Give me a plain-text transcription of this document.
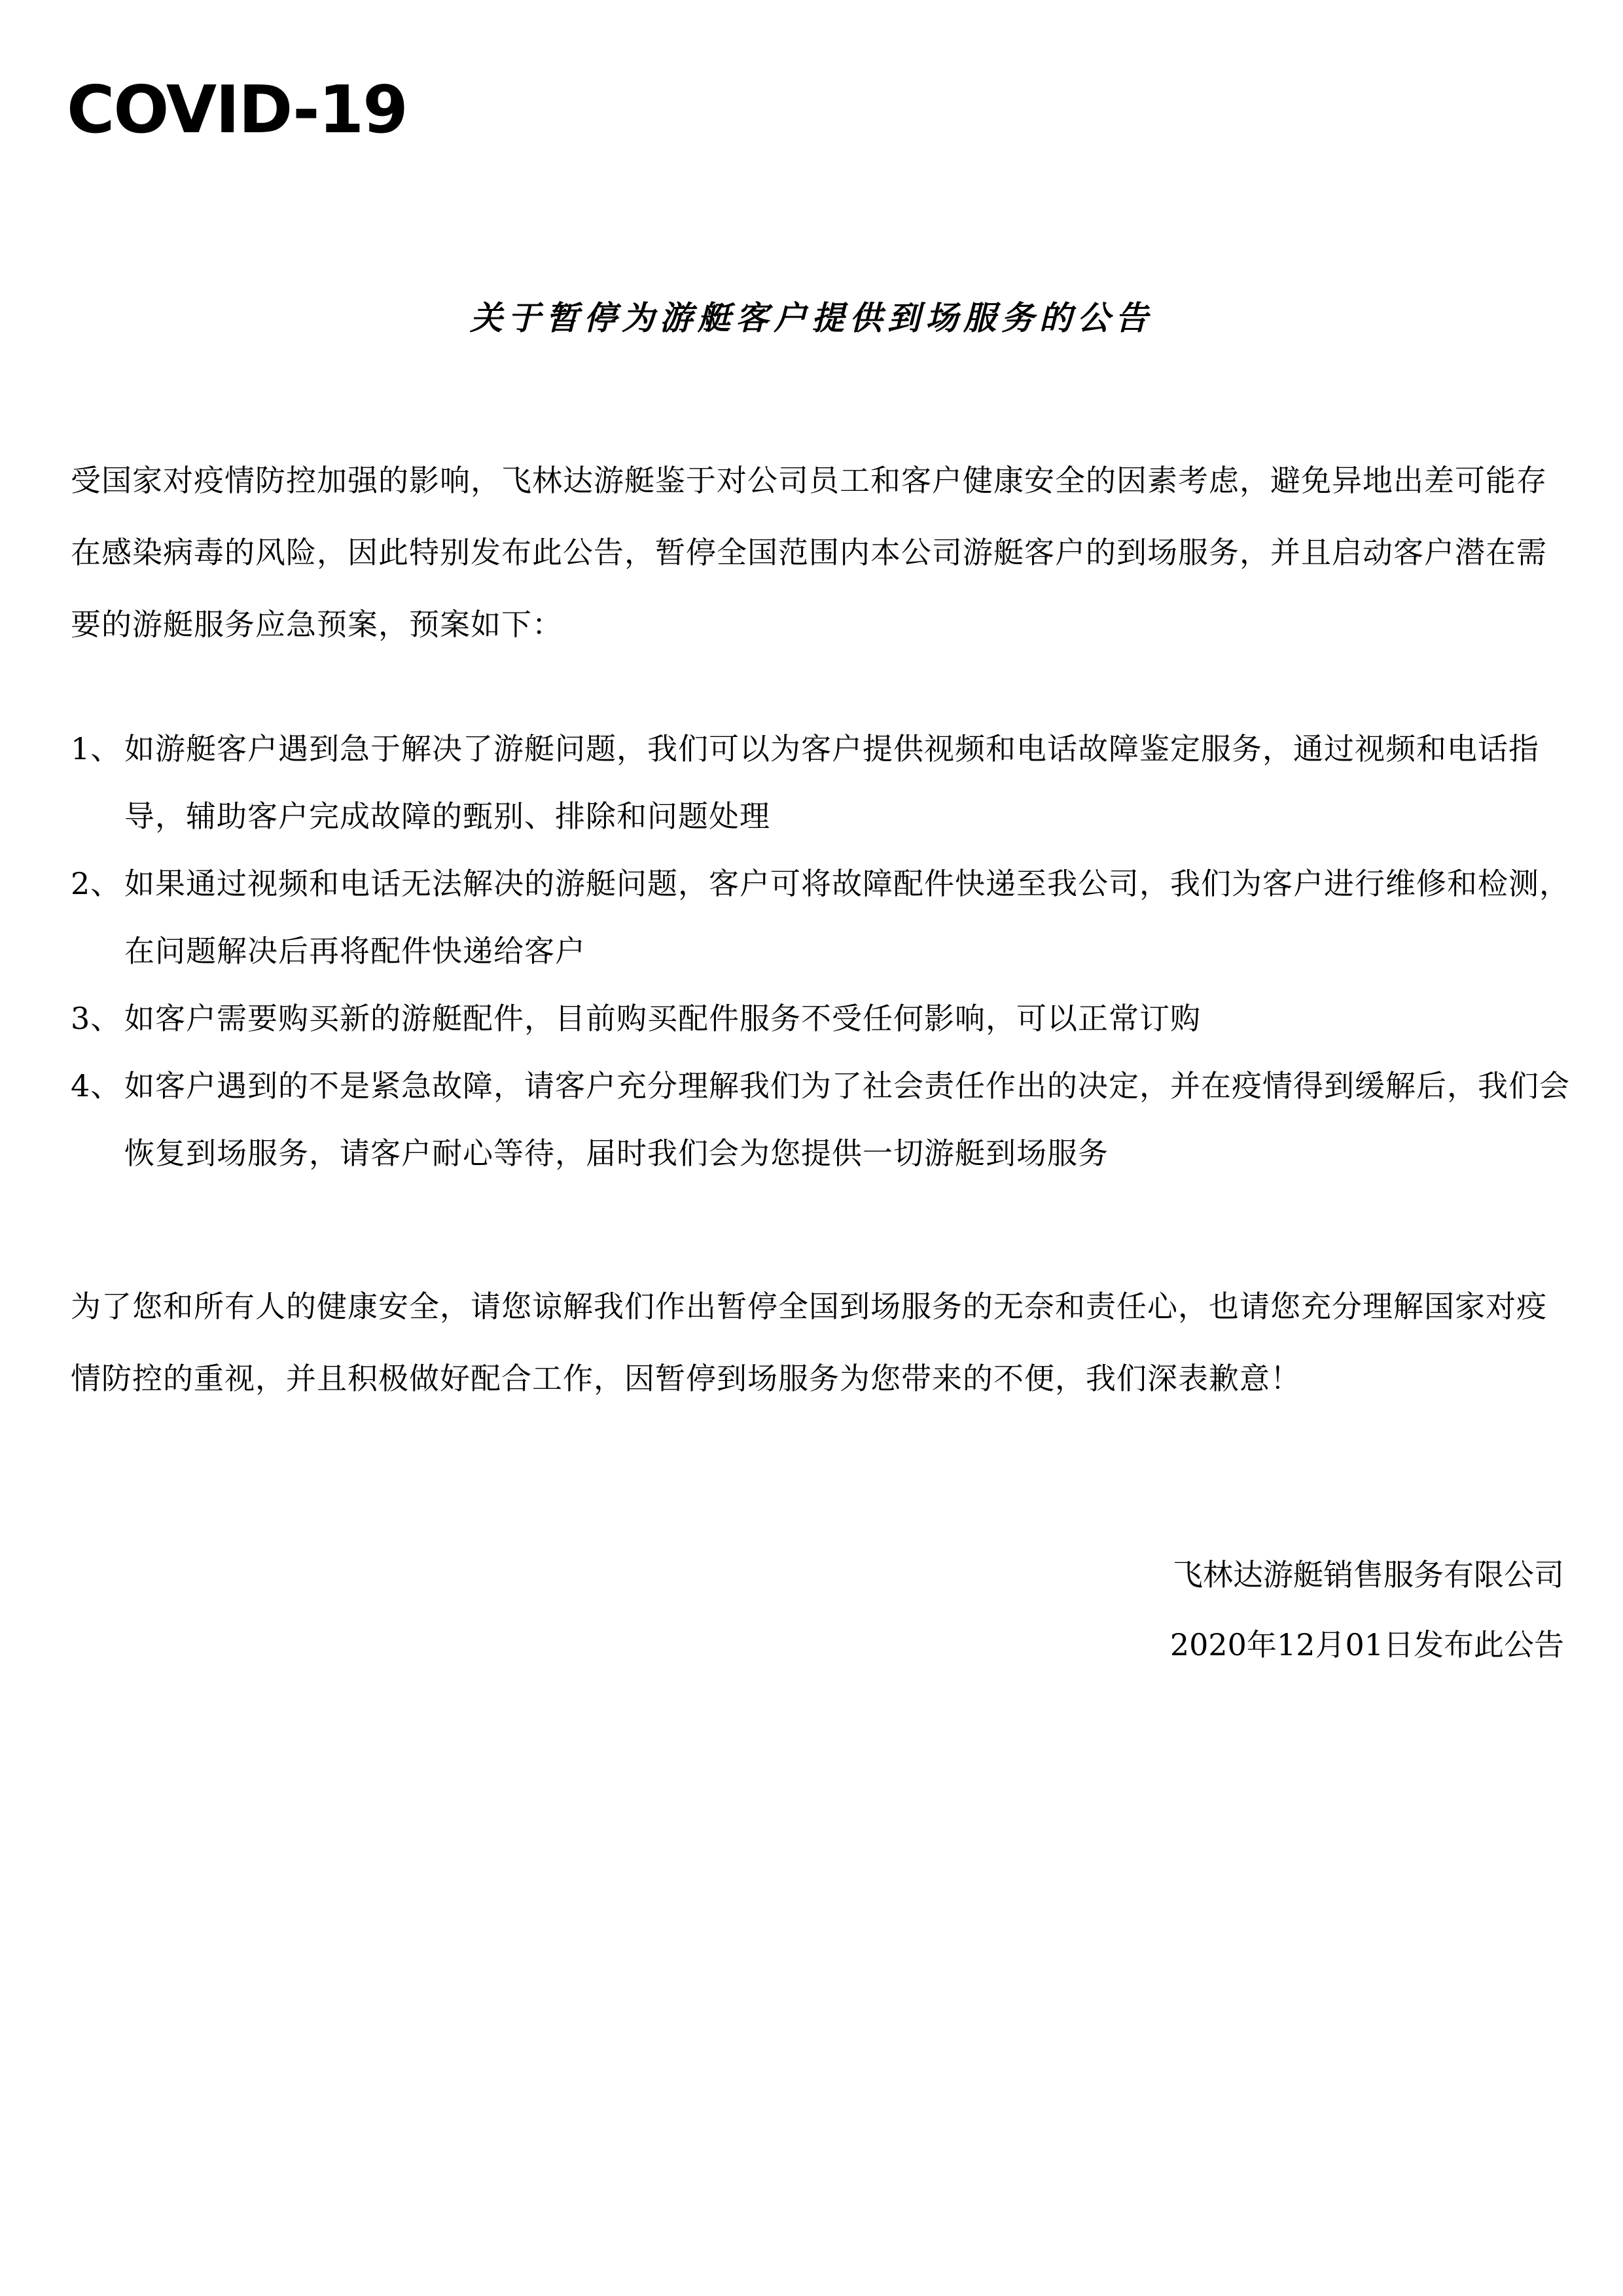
COVID-19
关于暂停为游艇客户提供到场服务的公告
受国家对疫情防控加强的影响，飞林达游艇鉴于对公司员工和客户健康安全的因素考虑，避免异地出差可能存在感染病毒的风险，因此特别发布此公告，暂停全国范围内本公司游艇客户的到场服务，并且启动客户潜在需要的游艇服务应急预案，预案如下：
1、 如游艇客户遇到急于解决了游艇问题，我们可以为客户提供视频和电话故障鉴定服务，通过视频和电话指导，辅助客户完成故障的甄别、排除和问题处理
2、 如果通过视频和电话无法解决的游艇问题，客户可将故障配件快递至我公司，我们为客户进行维修和检测，在问题解决后再将配件快递给客户
3、 如客户需要购买新的游艇配件，目前购买配件服务不受任何影响，可以正常订购
4、 如客户遇到的不是紧急故障，请客户充分理解我们为了社会责任作出的决定，并在疫情得到缓解后，我们会恢复到场服务，请客户耐心等待，届时我们会为您提供一切游艇到场服务
为了您和所有人的健康安全，请您谅解我们作出暂停全国到场服务的无奈和责任心，也请您充分理解国家对疫情防控的重视，并且积极做好配合工作，因暂停到场服务为您带来的不便，我们深表歉意！
飞林达游艇销售服务有限公司
2020年12月01日发布此公告
